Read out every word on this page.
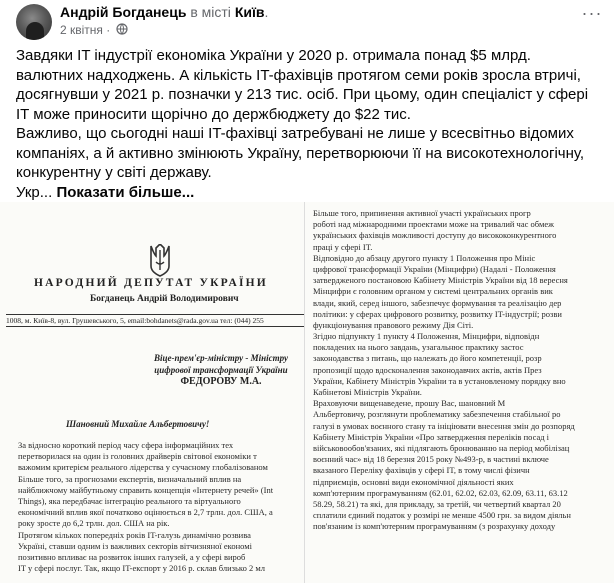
Андрій Богданець в місті Київ.
2 квітня ·
···

Завдяки IT індустрії економіка України у 2020 р. отримала понад $5 млрд. валютних надходжень. А кількість IT-фахівців протягом семи років зросла втричі, досягнувши у 2021 р. позначки у 213 тис. осіб. При цьому, один спеціаліст у сфері IT може приносити щорічно до держбюджету до $22 тис.

Важливо, що сьогодні наші IT-фахівці затребувані не лише у всесвітньо відомих компаніях, а й активно змінюють Україну, перетворюючи її на високотехнологічну, конкурентну у світі державу.

Укр... Показати більше...

НАРОДНИЙ ДЕПУТАТ УКРАЇНИ
Богданець Андрій Володимирович
1008, м. Київ-8, вул. Грушевського, 5, email:bohdanets@rada.gov.ua тел: (044) 255
Віце-прем'єр-міністру - Міністру
цифрової трансформації України
ФЕДОРОВУ М.А.
Шановний Михайле Альбертовичу!
За відносно короткий період часу сфера інформаційних тех
перетворилася на один із головних драйверів світової економіки т
важомим критерієм реального лідерства у сучасному глобалізованом
Більше того, за прогнозами експертів, визначальний вплив на
найближчому майбутньому справить концепція «Інтернету речей» (Int
Things), яка передбачає інтеграцію реального та віртуального
економічний вплив якої початково оцінюється в 2,7 трлн. дол. США, а
року зросте до 6,2 трлн. дол. США на рік.
Протягом кількох попередніх років IT-галузь динамічно розвива
Україні, ставши одним із важливих секторів вітчизняної економі
позитивно впливає на розвиток інших галузей, а у сфері вироб
IT у сфері послуг. Так, якщо IT-експорт у 2016 р. склав близько 2 мл
Більше того, припинення активної участі українських прогр
роботі над міжнародними проектами може на тривалий час обмеж
українських фахівців можливості доступу до висококонкурентного
праці у сфері IT.
Відповідно до абзацу другого пункту 1 Положення про Мініс
цифрової трансформації України (Мінцифри) (Надалі - Положення
затвердженого постановою Кабінету Міністрів України від 18 вересня
Мінцифри є головним органом у системі центральних органів вик
влади, який, серед іншого, забезпечує формування та реалізацію дер
політики: у сферах цифрового розвитку, розвитку IT-індустрії; розви
функціонування правового режиму Дія Сіті.
Згідно підпункту 1 пункту 4 Положення, Мінцифри, відповідн
покладених на нього завдань, узагальнює практику застос
законодавства з питань, що належать до його компетенції, розр
пропозиції щодо вдосконалення законодавчих актів, актів През
України, Кабінету Міністрів України та в установленому порядку вно
Кабінетові Міністрів України.
Враховуючи вищенаведене, прошу Вас, шановний М
Альбертовичу, розглянути проблематику забезпечення стабільної ро
галузі в умовах воєнного стану та ініціювати внесення змін до розпоряд
Кабінету Міністрів України «Про затвердження переліків посад і
військовообов'язаних, які підлягають бронюванню на період мобілізац
воєнний час» від 18 березня 2015 року №493-р, в частині включе
вказаного Переліку фахівців у сфері IT, в тому числі фізичн
підприємців, основні види економічної діяльності яких
комп'ютерним програмуванням (62.01, 62.02, 62.03, 62.09, 63.11, 63.12
58.29, 58.21) та які, для прикладу, за третій, чи четвертий квартал 20
сплатили єдиний податок у розмірі не менше 4500 грн. за видом діяльн
пов'язаним із комп'ютерним програмуванням (з розрахунку доходу
